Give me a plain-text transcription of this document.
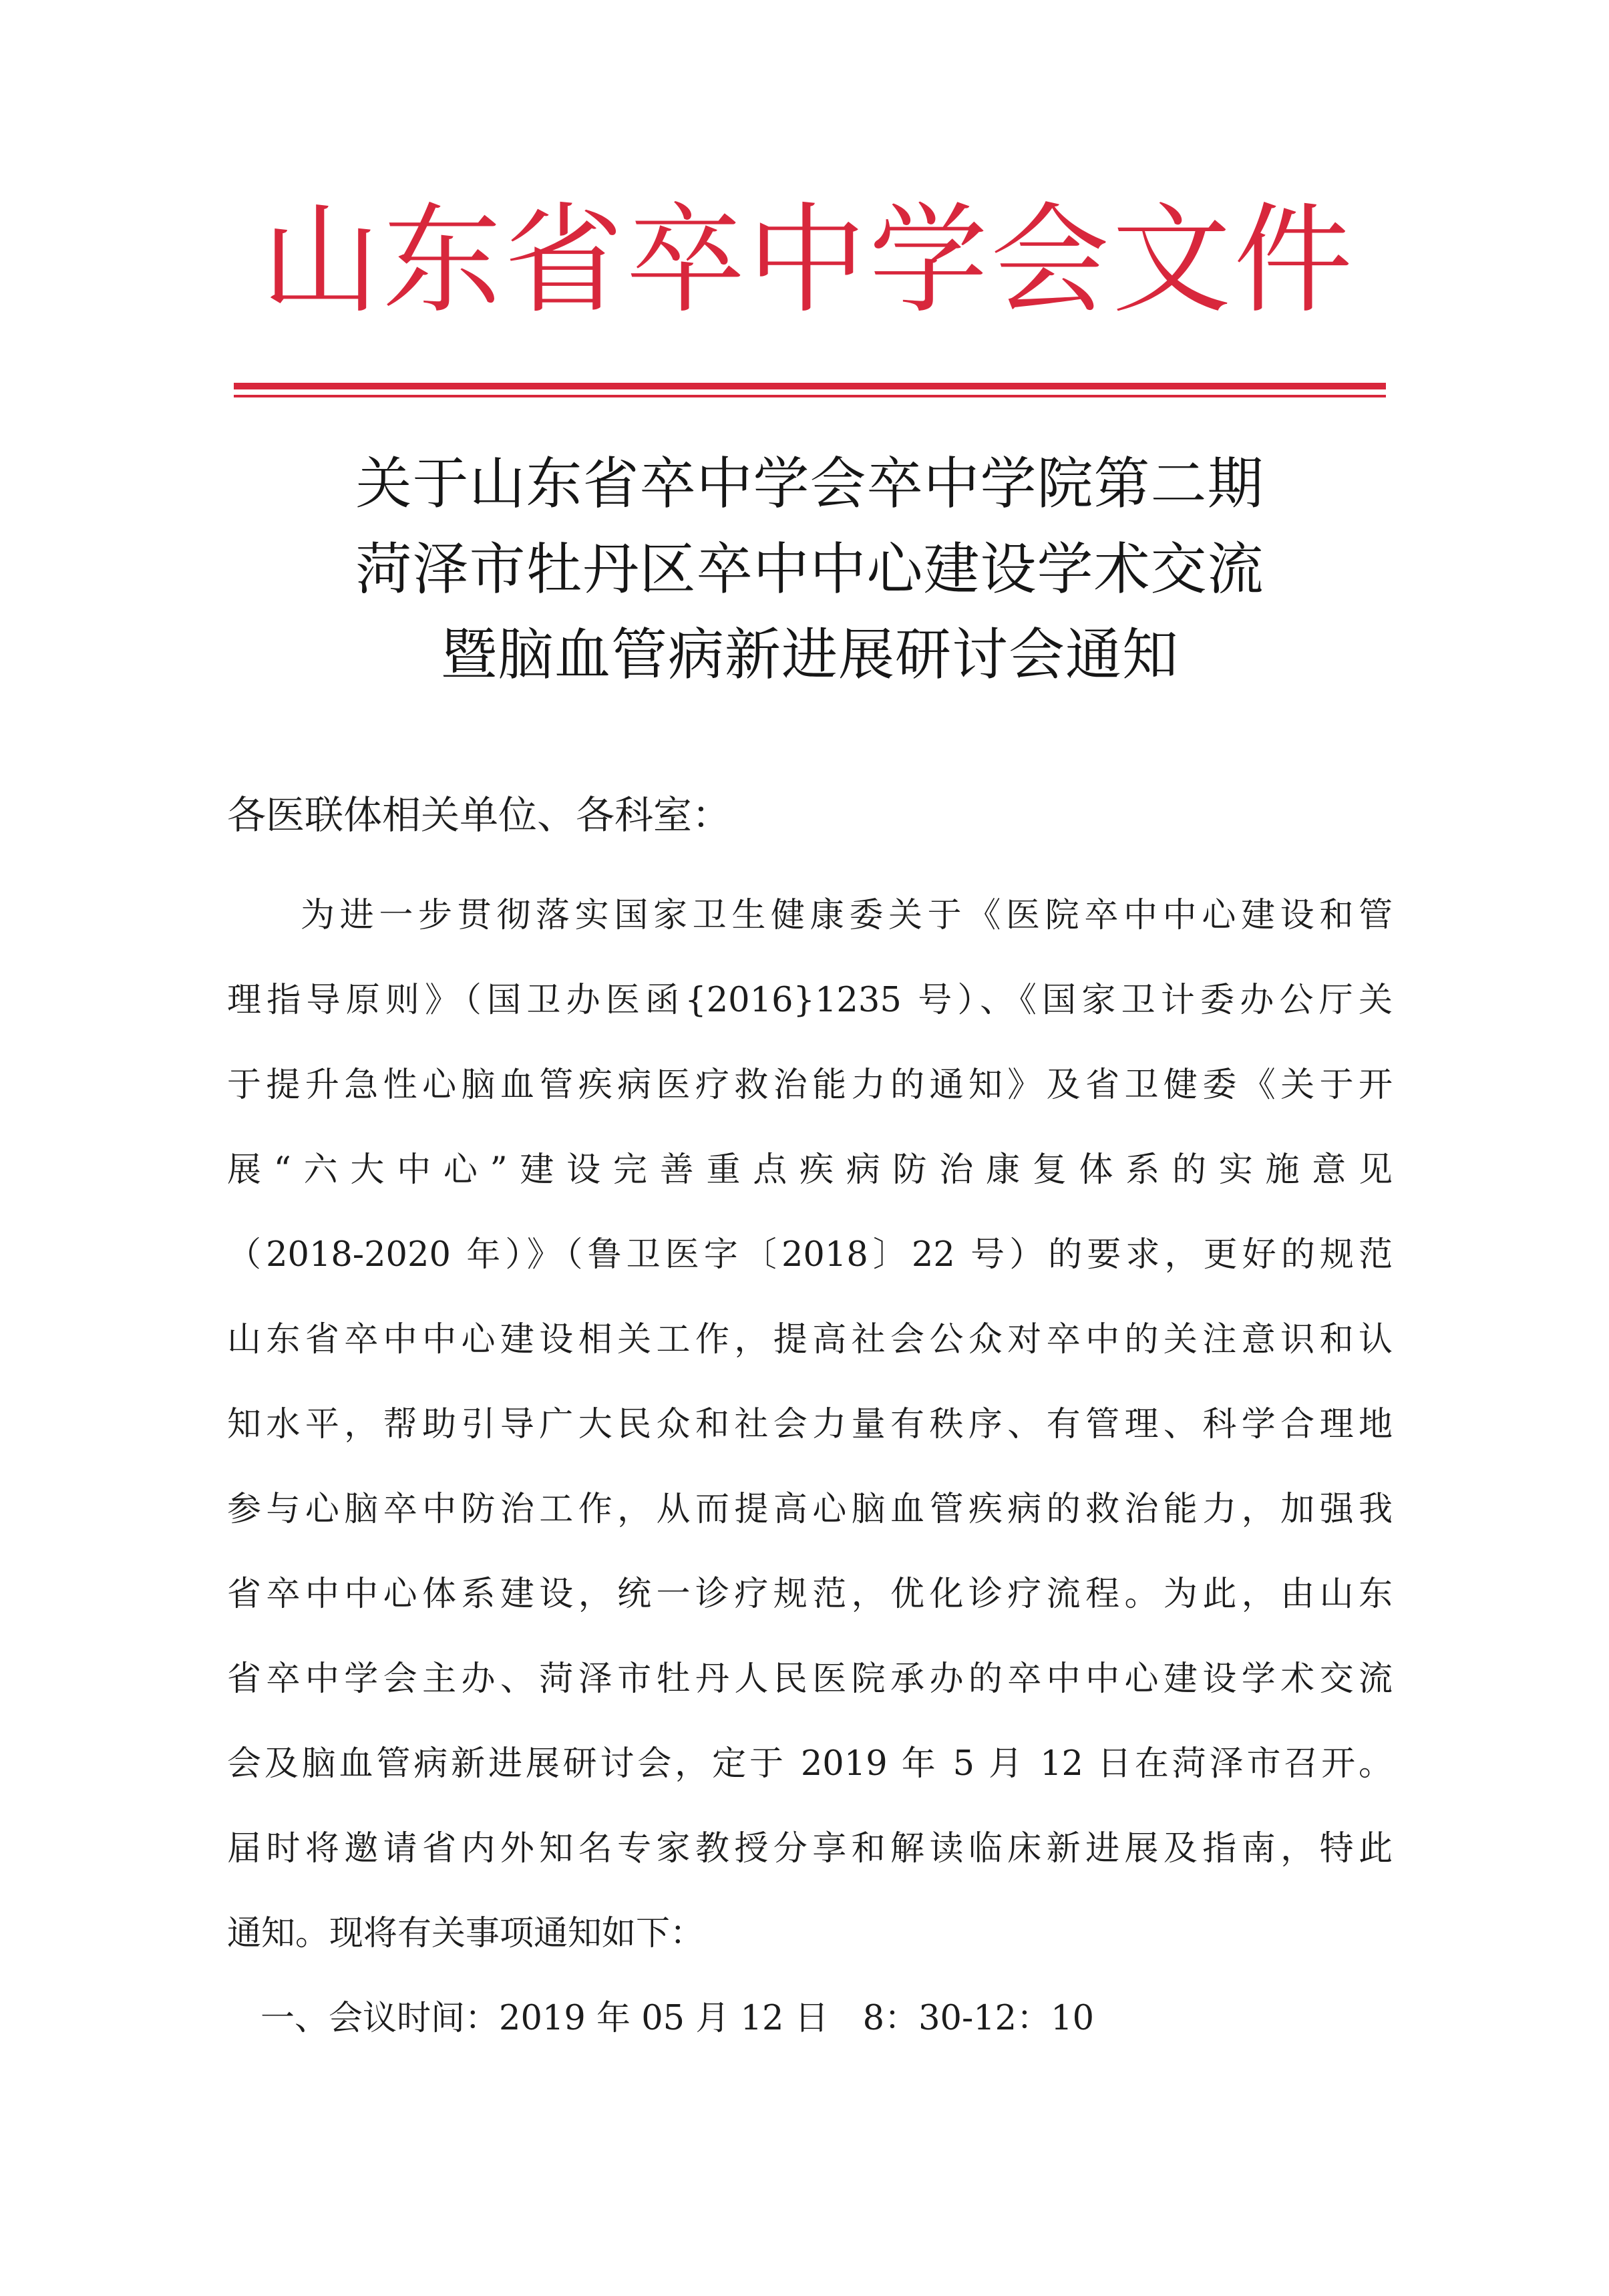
山东省卒中学会文件
关于山东省卒中学会卒中学院第二期
菏泽市牡丹区卒中中心建设学术交流
暨脑血管病新进展研讨会通知
各医联体相关单位、各科室：
为进一步贯彻落实国家卫生健康委关于《医院卒中中心建设和管
理指导原则》（国卫办医函{2016}1235 号）、《国家卫计委办公厅关
于提升急性心脑血管疾病医疗救治能力的通知》及省卫健委《关于开
展“六大中心”建设完善重点疾病防治康复体系的实施意见
（2018-2020 年）》（鲁卫医字〔2018〕22 号）的要求，更好的规范
山东省卒中中心建设相关工作，提高社会公众对卒中的关注意识和认
知水平，帮助引导广大民众和社会力量有秩序、有管理、科学合理地
参与心脑卒中防治工作，从而提高心脑血管疾病的救治能力，加强我
省卒中中心体系建设，统一诊疗规范，优化诊疗流程。为此，由山东
省卒中学会主办、菏泽市牡丹人民医院承办的卒中中心建设学术交流
会及脑血管病新进展研讨会，定于 2019 年 5 月 12 日在菏泽市召开。
届时将邀请省内外知名专家教授分享和解读临床新进展及指南，特此
通知。现将有关事项通知如下：
一、会议时间：2019 年 05 月 12 日　 8：30-12：10
